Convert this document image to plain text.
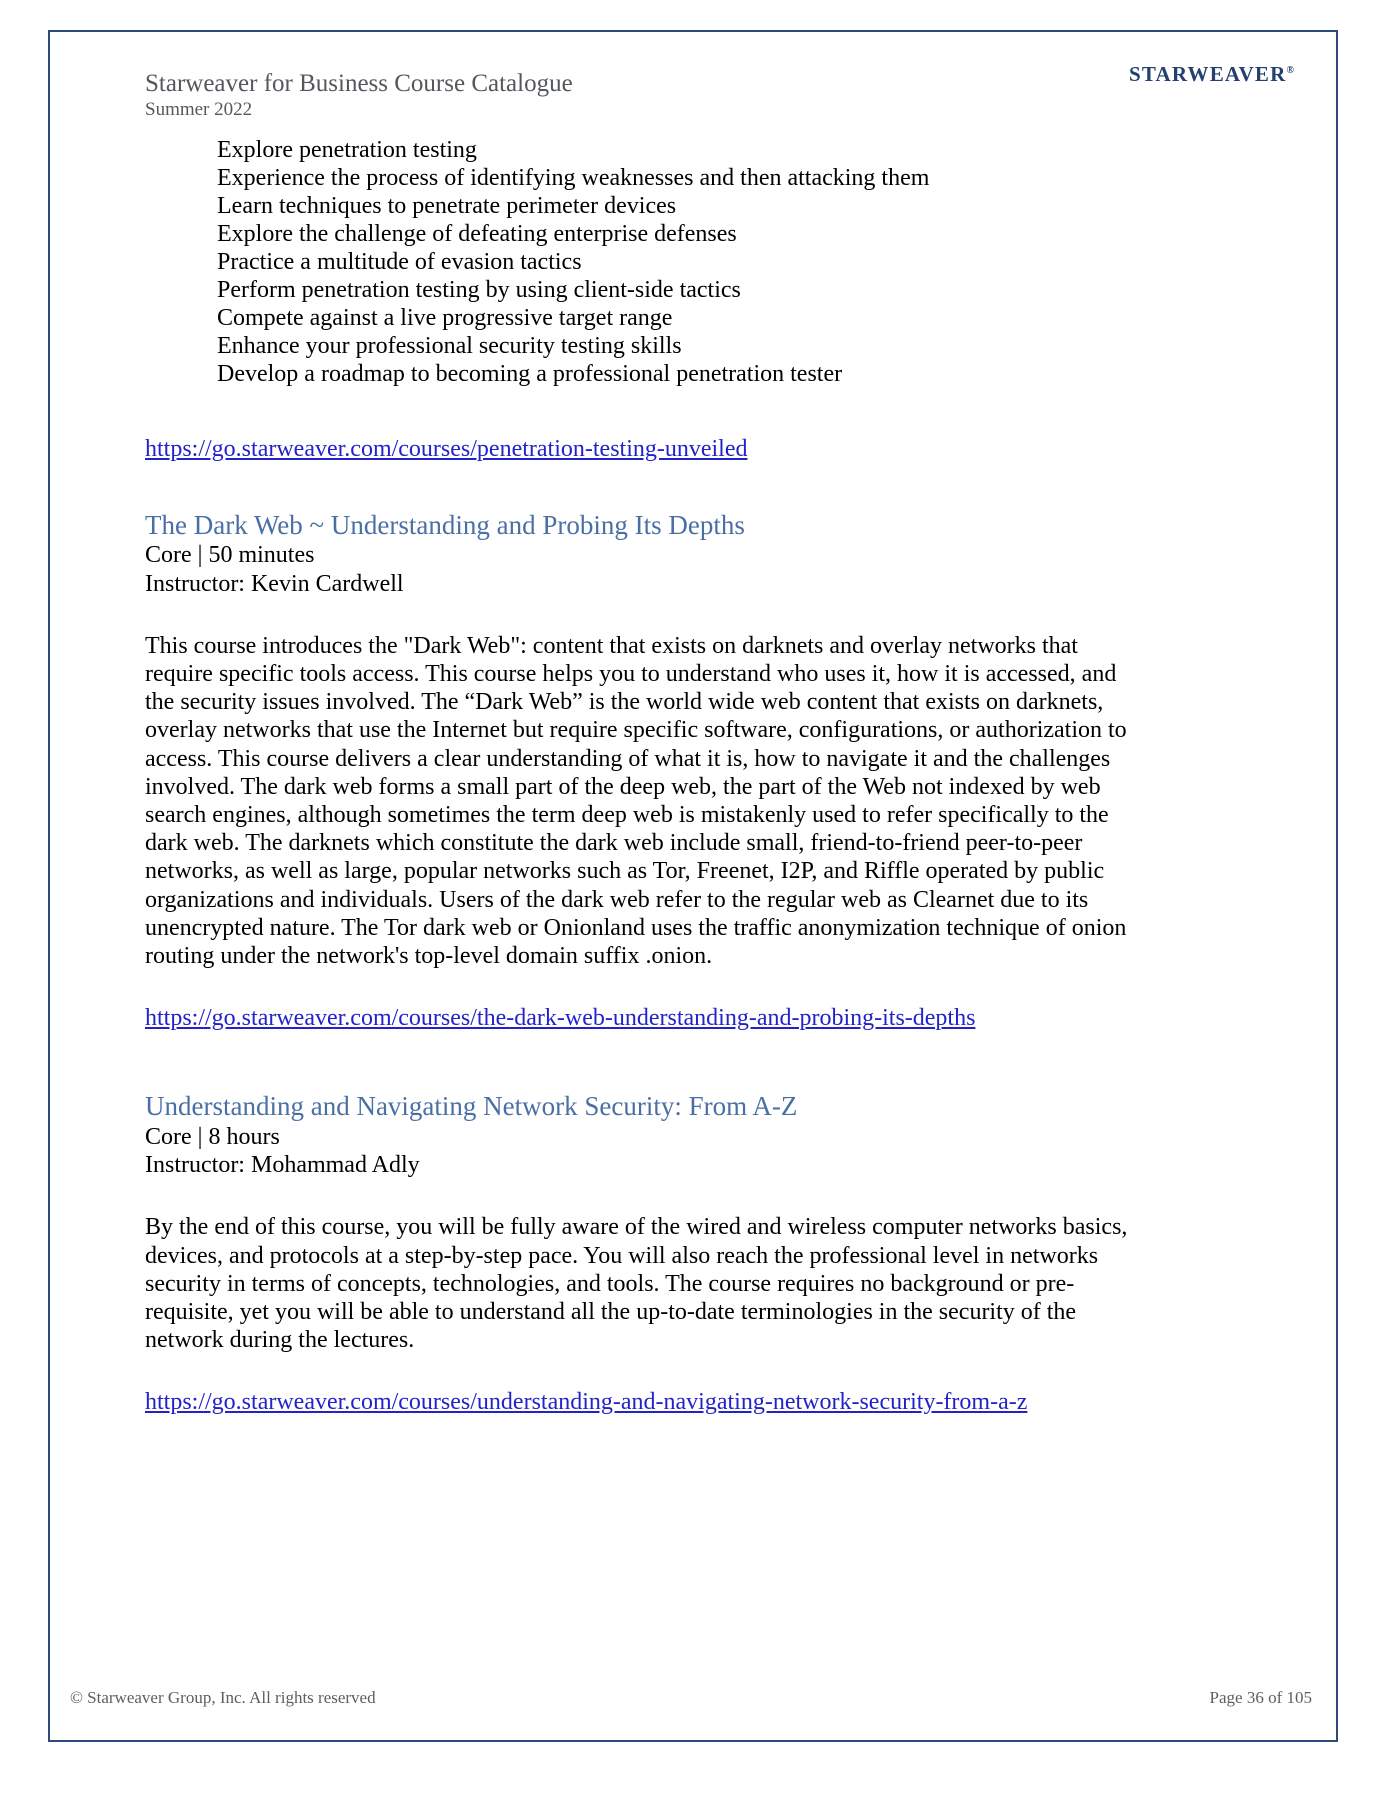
Starweaver for Business Course Catalogue
Summer 2022
STARWEAVER®
Explore penetration testing
Experience the process of identifying weaknesses and then attacking them
Learn techniques to penetrate perimeter devices
Explore the challenge of defeating enterprise defenses
Practice a multitude of evasion tactics
Perform penetration testing by using client-side tactics
Compete against a live progressive target range
Enhance your professional security testing skills
Develop a roadmap to becoming a professional penetration tester
https://go.starweaver.com/courses/penetration-testing-unveiled
The Dark Web ~ Understanding and Probing Its Depths
Core | 50 minutes
Instructor: Kevin Cardwell

This course introduces the "Dark Web": content that exists on darknets and overlay networks that require specific tools access. This course helps you to understand who uses it, how it is accessed, and the security issues involved. The “Dark Web” is the world wide web content that exists on darknets, overlay networks that use the Internet but require specific software, configurations, or authorization to access. This course delivers a clear understanding of what it is, how to navigate it and the challenges involved. The dark web forms a small part of the deep web, the part of the Web not indexed by web search engines, although sometimes the term deep web is mistakenly used to refer specifically to the dark web. The darknets which constitute the dark web include small, friend-to-friend peer-to-peer networks, as well as large, popular networks such as Tor, Freenet, I2P, and Riffle operated by public organizations and individuals. Users of the dark web refer to the regular web as Clearnet due to its unencrypted nature. The Tor dark web or Onionland uses the traffic anonymization technique of onion routing under the network's top-level domain suffix .onion.

https://go.starweaver.com/courses/the-dark-web-understanding-and-probing-its-depths
Understanding and Navigating Network Security: From A-Z
Core | 8 hours
Instructor: Mohammad Adly

By the end of this course, you will be fully aware of the wired and wireless computer networks basics, devices, and protocols at a step-by-step pace. You will also reach the professional level in networks security in terms of concepts, technologies, and tools. The course requires no background or pre-requisite, yet you will be able to understand all the up-to-date terminologies in the security of the network during the lectures.

https://go.starweaver.com/courses/understanding-and-navigating-network-security-from-a-z
© Starweaver Group, Inc. All rights reserved	Page 36 of 105
